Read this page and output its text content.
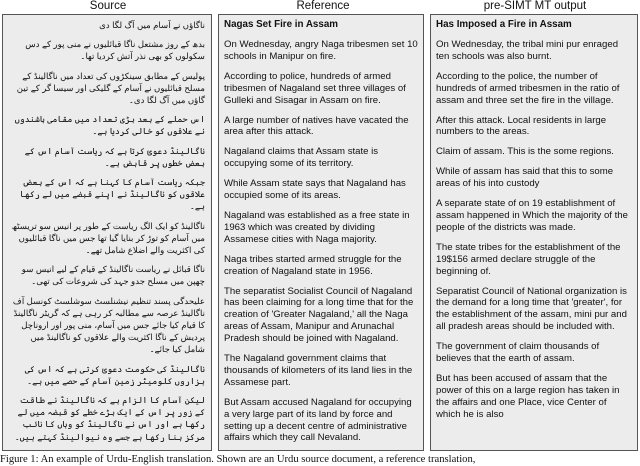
Source	Reference	pre-SIMT MT output

ناگاؤں نے آسام میں آگ لگا دی

بدھ کے روز مشتعل ناگا قبائلیوں نے منی پور کے دس سکولوں کو بھی نذر آتش کردیا تھا۔

پولیس کے مطابق سینکڑوں کی تعداد میں ناگالینڈ کے مسلح قبائلیوں نے آسام کے گلیکی اور سیسا گر کے تین گاؤں میں آگ لگا دی۔

اس حملے کے بعد بڑی تعداد میں مقامی باشندوں نے علاقوں کو خالی کردیا ہے۔

ناگالینڈ دعوئ کرتا ہے کہ ریاست آسام اس کے بعض خطوں پر قابض ہے۔

جبکہ ریاست آسام کا کہنا ہے کہ اس کے بعض علاقوں کو ناگالینڈ نے اپنے قبضے میں لے رکھا ہے۔

ناگالینڈ کو ایک الگ ریاست کے طور پر انیس سو تریسٹھ میں آسام کو توڑ کر بنایا گیا تھا جس میں ناگا قبائلیوں کی اکثریت والے اضلاع شامل تھے۔

ناگا قبائل نے ریاست ناگالینڈ کے قیام کے لیے انیس سو چھپن میں مسلح جدو جہد کی شروعات کی تھی۔

علیحدگی پسند تنظیم نیشنلسٹ سوشلسٹ کونسل آف ناگالینڈ عرصہ سے مطالبہ کر رہی ہے کہ گریٹر ناگالینڈ کا قیام کیا جائے جس میں آسام، منی پور اور اروناچل پردیش کے ناگا اکثریت والے علاقوں کو ناگالینڈ میں شامل کیا جائے۔

ناگالینڈ کی حکومت دعوئ کرتی ہے کہ اس کی ہزاروں کلومیٹر زمین آسام کے حصے میں ہے۔

لیکن آسام کا الزام ہے کہ ناگالینڈ نے طاقت کے زور پر اس کے ایک بڑے خطے کو قبضہ میں لے رکھا ہے اور اس نے ناگالینڈ کو وہاں کا نائب مرکز بنا رکھا ہے جسے وہ نیوالینڈ کہتے ہیں۔

Nagas Set Fire in Assam

On Wednesday, angry Naga tribesmen set 10 schools in Manipur on fire.

According to police, hundreds of armed tribesmen of Nagaland set three villages of Gulleki and Sisagar in Assam on fire.

A large number of natives have vacated the area after this attack.

Nagaland claims that Assam state is occupying some of its territory.

While Assam state says that Nagaland has occupied some of its areas.

Nagaland was established as a free state in 1963 which was created by dividing Assamese cities with Naga majority.

Naga tribes started armed struggle for the creation of Nagaland state in 1956.

The separatist Socialist Council of Nagaland has been claiming for a long time that for the creation of 'Greater Nagaland,' all the Naga areas of Assam, Manipur and Arunachal Pradesh should be joined with Nagaland.

The Nagaland government claims that thousands of kilometers of its land lies in the Assamese part.

But Assam accused Nagaland for occupying a very large part of its land by force and setting up a decent centre of administrative affairs which they call Nevaland.

Has Imposed a Fire in Assam

On Wednesday, the tribal mini pur enraged ten schools was also burnt.

According to the police, the number of hundreds of armed tribesmen in the ratio of assam and three set the fire in the village.

After this attack. Local residents in large numbers to the areas.

Claim of assam. This is the some regions.

While of assam has said that this to some areas of his into custody

A separate state of on 19 establishment of assam happened in Which the majority of the people of the districts was made.

The state tribes for the establishment of the 19$156 armed declare struggle of the beginning of.

Separatist Council of National organization is the demand for a long time that 'greater', for the establishment of the assam, mini pur and all pradesh areas should be included with.

The government of claim thousands of believes that the earth of assam.

But has been accused of assam that the power of this on a large region has taken in the affairs and one Place, vice Center of which he is also

Figure 1: An example of Urdu-English translation. Shown are an Urdu source document, a reference translation,
